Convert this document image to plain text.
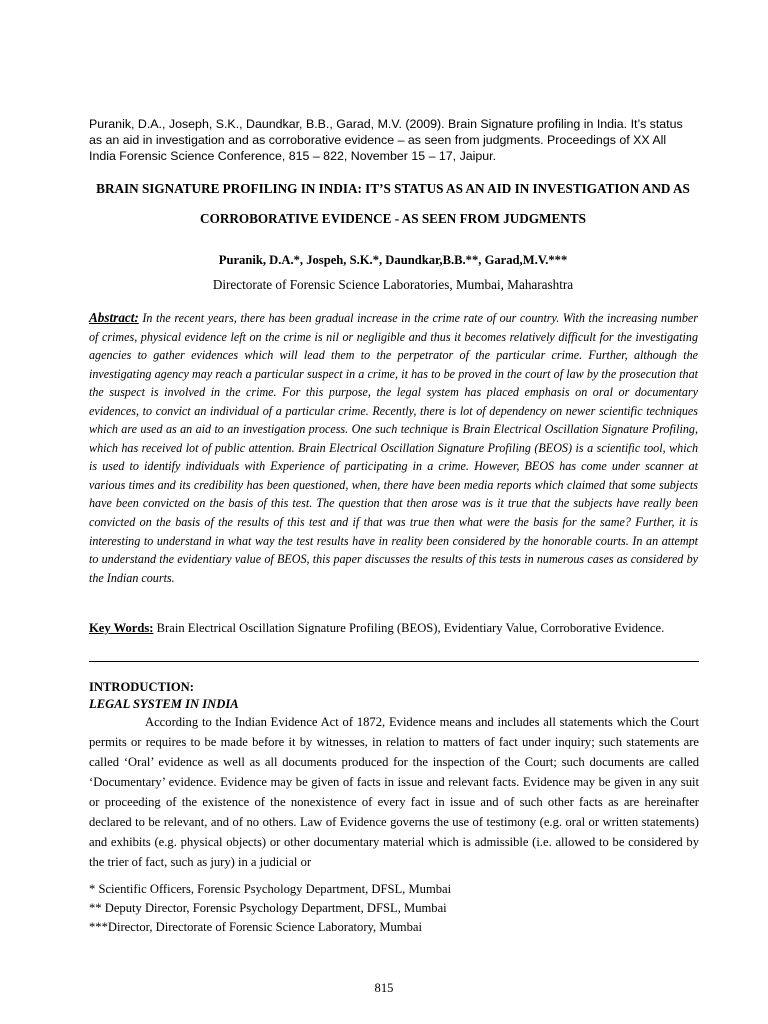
Puranik, D.A., Joseph, S.K., Daundkar, B.B., Garad, M.V. (2009). Brain Signature profiling in India. It’s status as an aid in investigation and as corroborative evidence – as seen from judgments. Proceedings of XX All India Forensic Science Conference, 815 – 822, November 15 – 17, Jaipur.
BRAIN SIGNATURE PROFILING IN INDIA: IT’S STATUS AS AN AID IN INVESTIGATION AND AS CORROBORATIVE EVIDENCE - AS SEEN FROM JUDGMENTS
Puranik, D.A.*, Jospeh, S.K.*, Daundkar,B.B.**, Garad,M.V.***
Directorate of Forensic Science Laboratories, Mumbai, Maharashtra
Abstract: In the recent years, there has been gradual increase in the crime rate of our country. With the increasing number of crimes, physical evidence left on the crime is nil or negligible and thus it becomes relatively difficult for the investigating agencies to gather evidences which will lead them to the perpetrator of the particular crime. Further, although the investigating agency may reach a particular suspect in a crime, it has to be proved in the court of law by the prosecution that the suspect is involved in the crime. For this purpose, the legal system has placed emphasis on oral or documentary evidences, to convict an individual of a particular crime. Recently, there is lot of dependency on newer scientific techniques which are used as an aid to an investigation process. One such technique is Brain Electrical Oscillation Signature Profiling, which has received lot of public attention. Brain Electrical Oscillation Signature Profiling (BEOS) is a scientific tool, which is used to identify individuals with Experience of participating in a crime. However, BEOS has come under scanner at various times and its credibility has been questioned, when, there have been media reports which claimed that some subjects have been convicted on the basis of this test. The question that then arose was is it true that the subjects have really been convicted on the basis of the results of this test and if that was true then what were the basis for the same? Further, it is interesting to understand in what way the test results have in reality been considered by the honorable courts. In an attempt to understand the evidentiary value of BEOS, this paper discusses the results of this tests in numerous cases as considered by the Indian courts.
Key Words: Brain Electrical Oscillation Signature Profiling (BEOS), Evidentiary Value, Corroborative Evidence.
INTRODUCTION:
LEGAL SYSTEM IN INDIA
According to the Indian Evidence Act of 1872, Evidence means and includes all statements which the Court permits or requires to be made before it by witnesses, in relation to matters of fact under inquiry; such statements are called ‘Oral’ evidence as well as all documents produced for the inspection of the Court; such documents are called ‘Documentary’ evidence. Evidence may be given of facts in issue and relevant facts. Evidence may be given in any suit or proceeding of the existence of the nonexistence of every fact in issue and of such other facts as are hereinafter declared to be relevant, and of no others. Law of Evidence governs the use of testimony (e.g. oral or written statements) and exhibits (e.g. physical objects) or other documentary material which is admissible (i.e. allowed to be considered by the trier of fact, such as jury) in a judicial or
* Scientific Officers, Forensic Psychology Department, DFSL, Mumbai
** Deputy Director, Forensic Psychology Department, DFSL, Mumbai
***Director, Directorate of Forensic Science Laboratory, Mumbai
815
